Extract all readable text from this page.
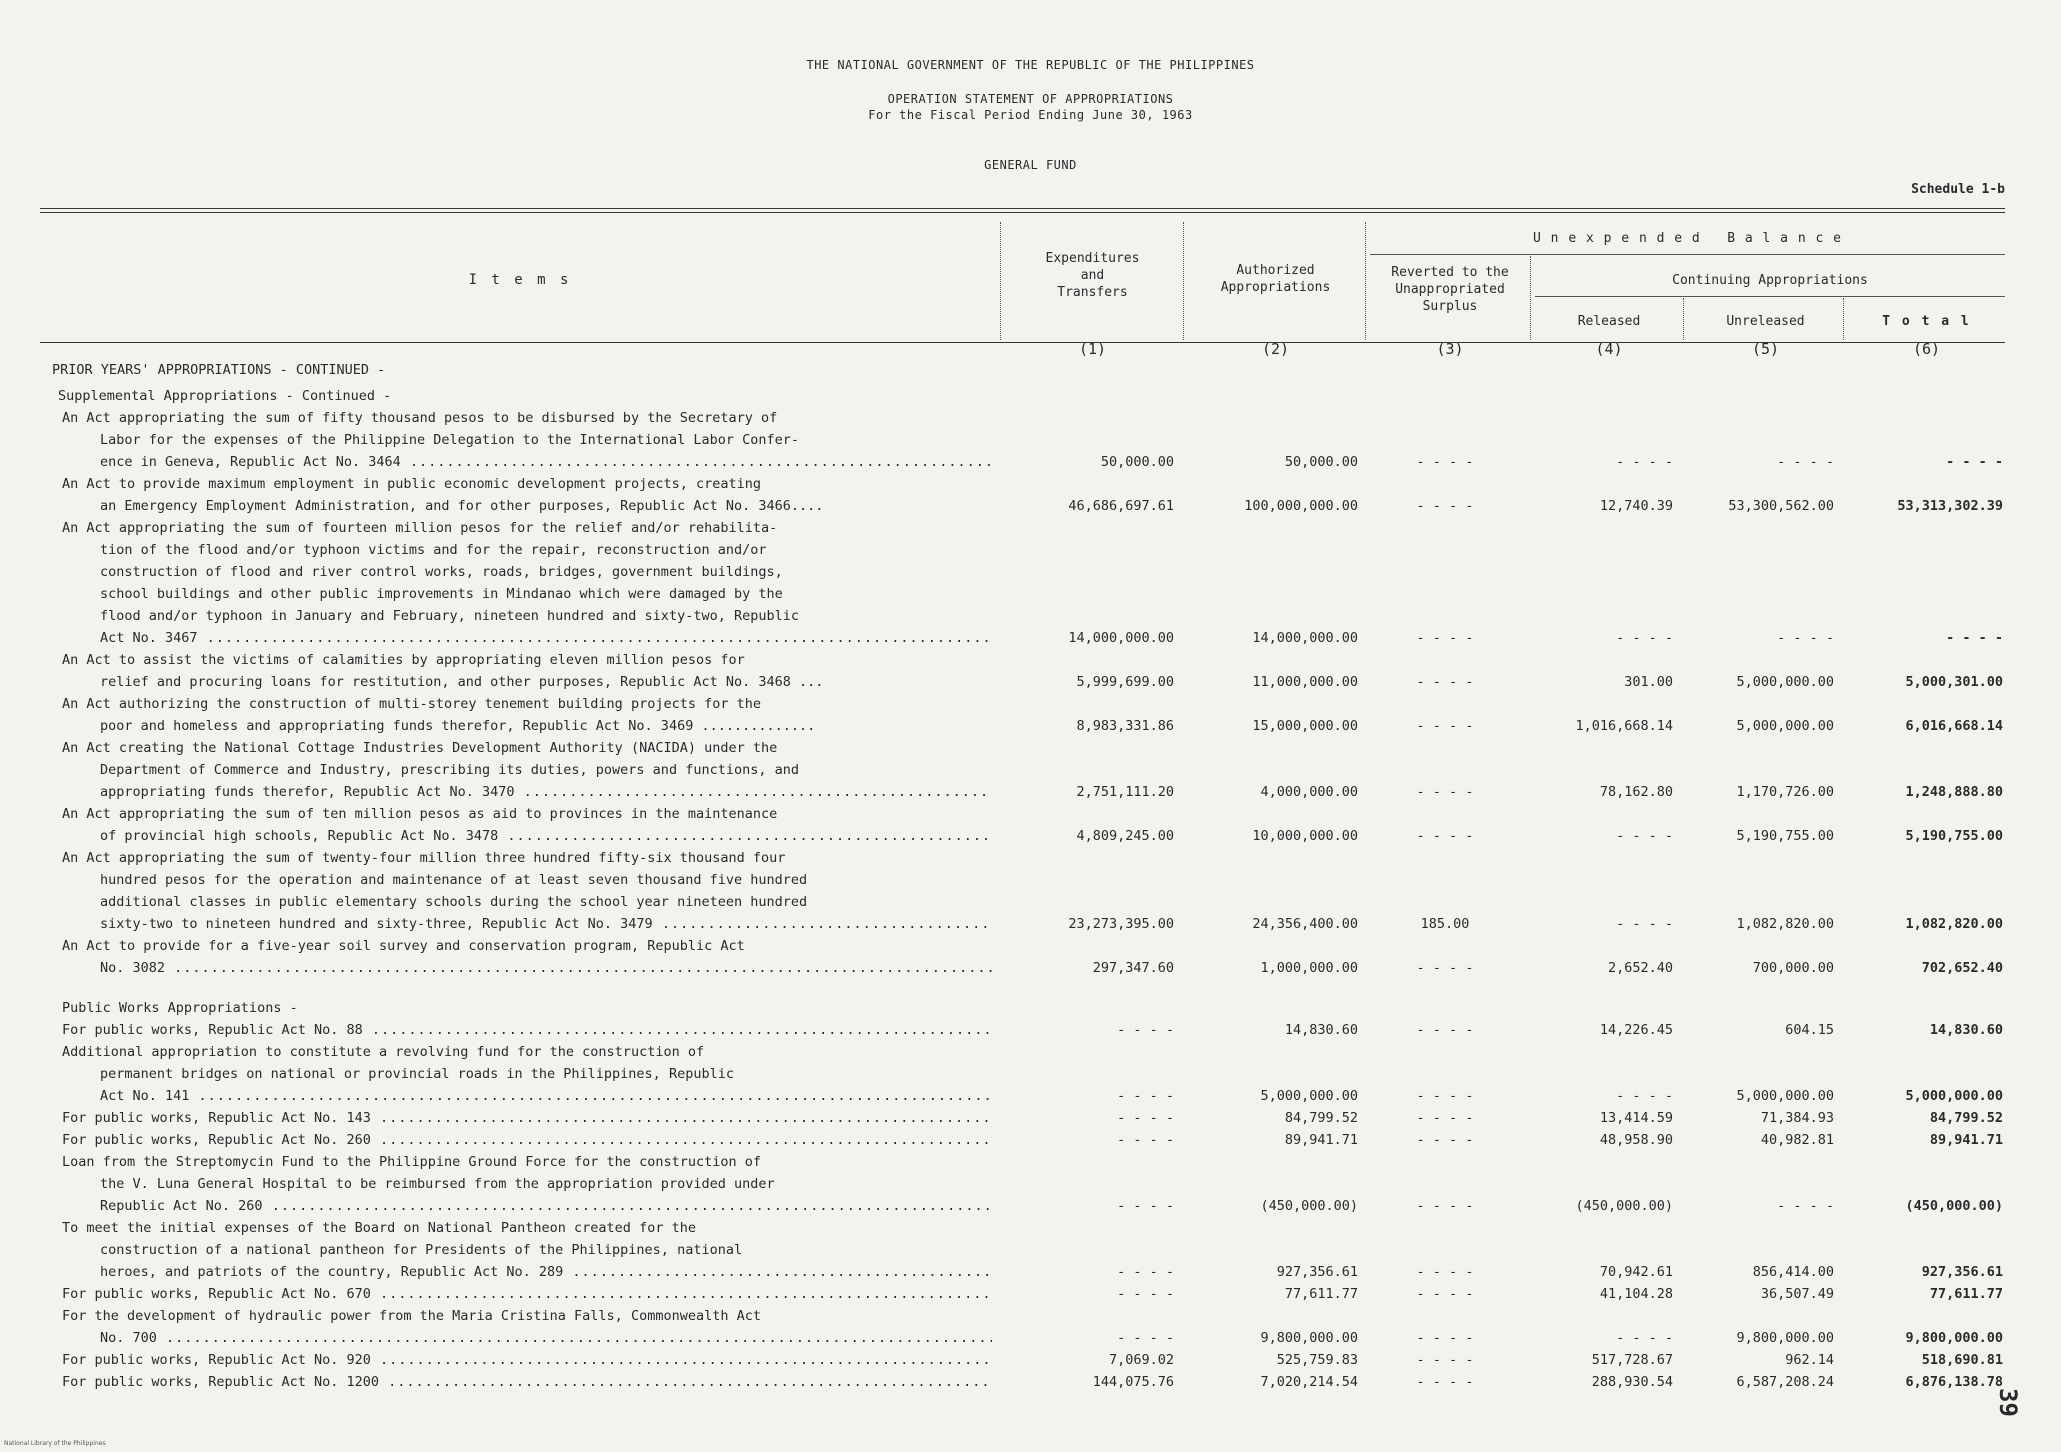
THE NATIONAL GOVERNMENT OF THE REPUBLIC OF THE PHILIPPINES
OPERATION STATEMENT OF APPROPRIATIONS
For the Fiscal Period Ending June 30, 1963
GENERAL FUND
Schedule 1-b
I t e m s
Expenditures
and
Transfers
Authorized
Appropriations
U n e x p e n d e d   B a l a n c e
Reverted to the
Unappropriated
Surplus
Continuing Appropriations
Released	Unreleased	T o t a l
(1)	(2)	(3)	(4)	(5)	(6)
PRIOR YEARS' APPROPRIATIONS - CONTINUED -
Supplemental Appropriations - Continued -
An Act appropriating the sum of fifty thousand pesos to be disbursed by the Secretary of
Labor for the expenses of the Philippine Delegation to the International Labor Confer-
ence in Geneva, Republic Act No. 3464 .....	50,000.00	50,000.00	- - - -	- - - -	- - - -	- - - -
An Act to provide maximum employment in public economic development projects, creating
an Emergency Employment Administration, and for other purposes, Republic Act No. 3466....	46,686,697.61	100,000,000.00	- - - -	12,740.39	53,300,562.00	53,313,302.39
An Act appropriating the sum of fourteen million pesos for the relief and/or rehabilita-
tion of the flood and/or typhoon victims and for the repair, reconstruction and/or
construction of flood and river control works, roads, bridges, government buildings,
school buildings and other public improvements in Mindanao which were damaged by the
flood and/or typhoon in January and February, nineteen hundred and sixty-two, Republic
Act No. 3467 .....	14,000,000.00	14,000,000.00	- - - -	- - - -	- - - -	- - - -
An Act to assist the victims of calamities by appropriating eleven million pesos for
relief and procuring loans for restitution, and other purposes, Republic Act No. 3468 ...	5,999,699.00	11,000,000.00	- - - -	301.00	5,000,000.00	5,000,301.00
An Act authorizing the construction of multi-storey tenement building projects for the
poor and homeless and appropriating funds therefor, Republic Act No. 3469 ..............	8,983,331.86	15,000,000.00	- - - -	1,016,668.14	5,000,000.00	6,016,668.14
An Act creating the National Cottage Industries Development Authority (NACIDA) under the
Department of Commerce and Industry, prescribing its duties, powers and functions, and
appropriating funds therefor, Republic Act No. 3470 .....	2,751,111.20	4,000,000.00	- - - -	78,162.80	1,170,726.00	1,248,888.80
An Act appropriating the sum of ten million pesos as aid to provinces in the maintenance
of provincial high schools, Republic Act No. 3478 .....	4,809,245.00	10,000,000.00	- - - -	- - - -	5,190,755.00	5,190,755.00
An Act appropriating the sum of twenty-four million three hundred fifty-six thousand four
hundred pesos for the operation and maintenance of at least seven thousand five hundred
additional classes in public elementary schools during the school year nineteen hundred
sixty-two to nineteen hundred and sixty-three, Republic Act No. 3479 .....	23,273,395.00	24,356,400.00	185.00	- - - -	1,082,820.00	1,082,820.00
An Act to provide for a five-year soil survey and conservation program, Republic Act
No. 3082 .....	297,347.60	1,000,000.00	- - - -	2,652.40	700,000.00	702,652.40
Public Works Appropriations -
For public works, Republic Act No. 88 .....	- - - -	14,830.60	- - - -	14,226.45	604.15	14,830.60
Additional appropriation to constitute a revolving fund for the construction of
permanent bridges on national or provincial roads in the Philippines, Republic
Act No. 141 .....	- - - -	5,000,000.00	- - - -	- - - -	5,000,000.00	5,000,000.00
For public works, Republic Act No. 143 .....	- - - -	84,799.52	- - - -	13,414.59	71,384.93	84,799.52
For public works, Republic Act No. 260 .....	- - - -	89,941.71	- - - -	48,958.90	40,982.81	89,941.71
Loan from the Streptomycin Fund to the Philippine Ground Force for the construction of
the V. Luna General Hospital to be reimbursed from the appropriation provided under
Republic Act No. 260 .....	- - - -	(450,000.00)	- - - -	(450,000.00)	- - - -	(450,000.00)
To meet the initial expenses of the Board on National Pantheon created for the
construction of a national pantheon for Presidents of the Philippines, national
heroes, and patriots of the country, Republic Act No. 289 .....	- - - -	927,356.61	- - - -	70,942.61	856,414.00	927,356.61
For public works, Republic Act No. 670 .....	- - - -	77,611.77	- - - -	41,104.28	36,507.49	77,611.77
For the development of hydraulic power from the Maria Cristina Falls, Commonwealth Act
No. 700 .....	- - - -	9,800,000.00	- - - -	- - - -	9,800,000.00	9,800,000.00
For public works, Republic Act No. 920 .....	7,069.02	525,759.83	- - - -	517,728.67	962.14	518,690.81
For public works, Republic Act No. 1200 .....	144,075.76	7,020,214.54	- - - -	288,930.54	6,587,208.24	6,876,138.78
39
National Library of the Philippines
